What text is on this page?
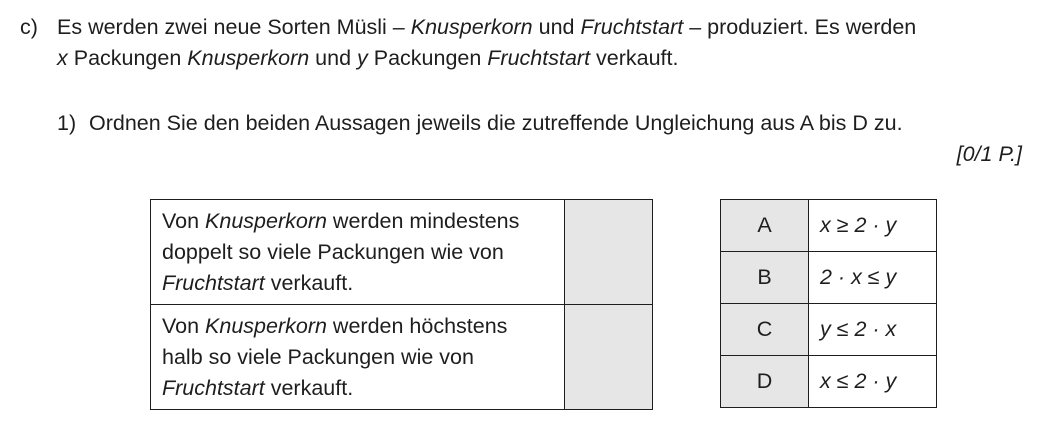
c) Es werden zwei neue Sorten Müsli – Knusperkorn und Fruchtstart – produziert. Es werden
x Packungen Knusperkorn und y Packungen Fruchtstart verkauft.
1) Ordnen Sie den beiden Aussagen jeweils die zutreffende Ungleichung aus A bis D zu.
[0/1 P.]
Von Knusperkorn werden mindestens
doppelt so viele Packungen wie von
Fruchtstart verkauft.	

Von Knusperkorn werden höchstens
halb so viele Packungen wie von
Fruchtstart verkauft.	

A	x ≥ 2 · y
B	2 · x ≤ y
C	y ≤ 2 · x
D	x ≤ 2 · y
